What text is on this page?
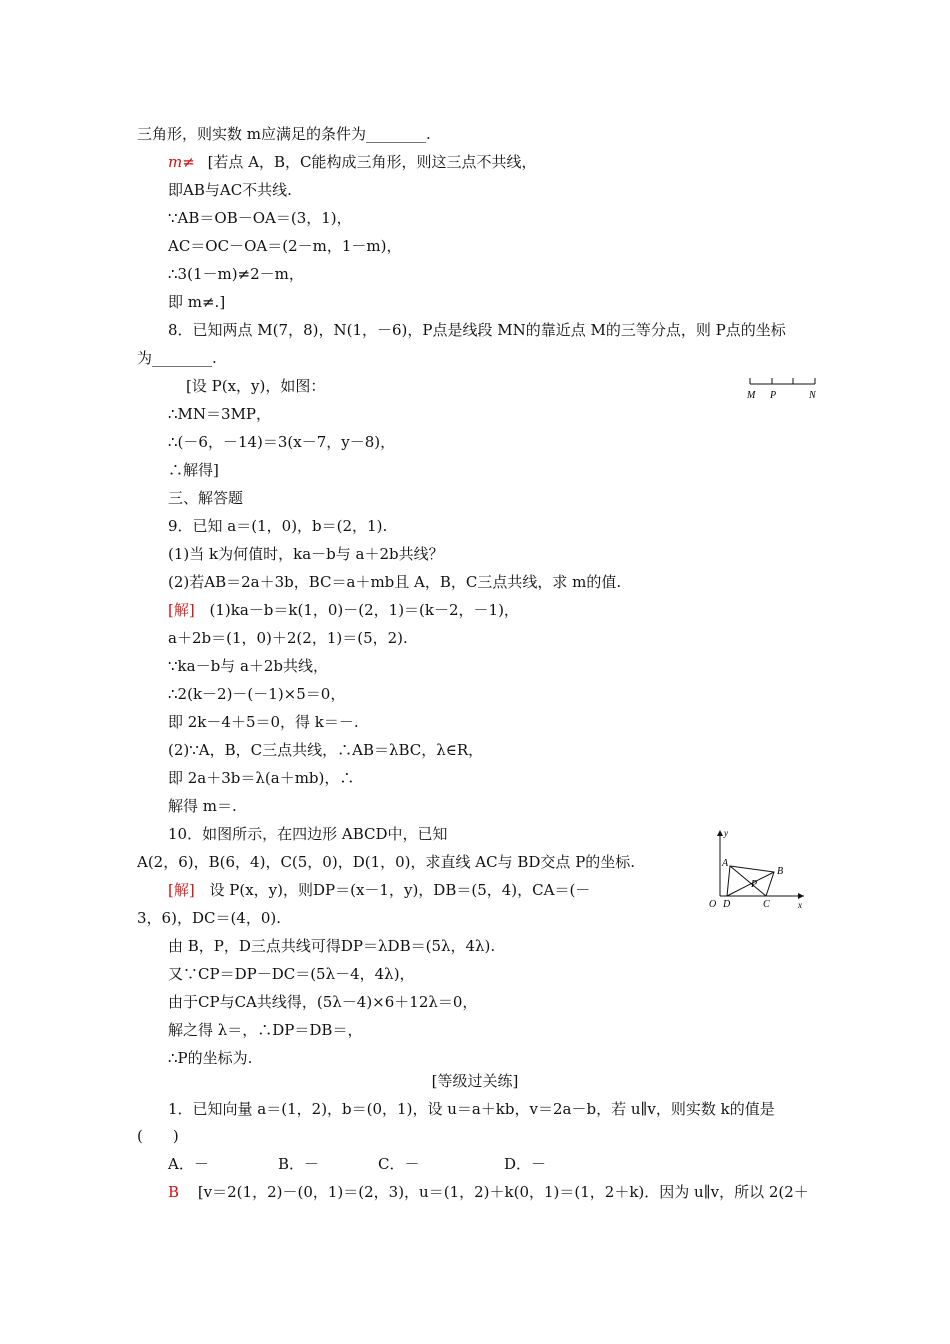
三角形，则实数 m应满足的条件为________.
m≠ [若点 A，B，C能构成三角形，则这三点不共线，
即AB与AC不共线.
∵AB＝OB－OA＝(3，1)，
AC＝OC－OA＝(2－m，1－m)，
∴3(1－m)≠2－m，
即 m≠.]
8．已知两点 M(7，8)，N(1，－6)，P点是线段 MN的靠近点 M的三等分点，则 P点的坐标
为________.
[设 P(x，y)，如图：
∴MN＝3MP，
∴(－6，－14)＝3(x－7，y－8)，
∴解得]
M P	N
三、解答题
9．已知 a＝(1，0)，b＝(2，1).
(1)当 k为何值时，ka－b与 a＋2b共线？
(2)若AB＝2a＋3b，BC＝a＋mb且 A，B，C三点共线，求 m的值.
[解] (1)ka－b＝k(1，0)－(2，1)＝(k－2，－1)，
a＋2b＝(1，0)＋2(2，1)＝(5，2).
∵ka－b与 a＋2b共线，
∴2(k－2)－(－1)×5＝0，
即 2k－4＋5＝0，得 k＝－.
(2)∵A，B，C三点共线，∴AB＝λBC，λ∈R，
即 2a＋3b＝λ(a＋mb)，∴
解得 m＝.
10．如图所示，在四边形 ABCD中，已知
A(2，6)，B(6，4)，C(5，0)，D(1，0)，求直线 AC与 BD交点 P的坐标.
[解] 设 P(x，y)，则DP＝(x－1，y)，DB＝(5，4)，CA＝(－
3，6)，DC＝(4，0).
由 B，P，D三点共线可得DP＝λDB＝(5λ，4λ).
又∵CP＝DP－DC＝(5λ－4，4λ)，
由于CP与CA共线得，(5λ－4)×6＋12λ＝0，
解之得 λ＝，∴DP＝DB＝，
∴P的坐标为.
y
x
O
A
B
C
D
P
[等级过关练]
1．已知向量 a＝(1，2)，b＝(0，1)，设 u＝a＋kb，v＝2a－b，若 u∥v，则实数 k的值是
(　　)
A．－	B．－	C．－	D．－
B [v＝2(1，2)－(0，1)＝(2，3)，u＝(1，2)＋k(0，1)＝(1，2＋k)．因为 u∥v，所以 2(2＋
